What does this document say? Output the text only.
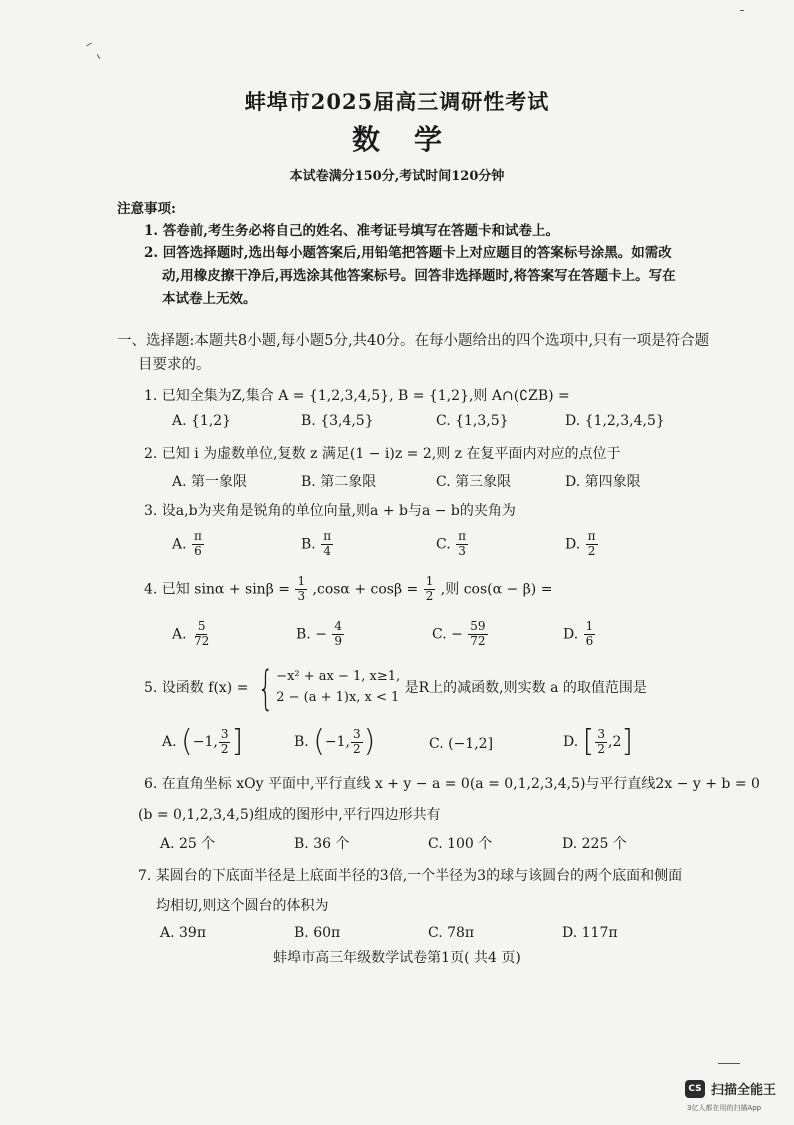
蚌埠市2025届高三调研性考试
数学
本试卷满分150分,考试时间120分钟
注意事项:
1. 答卷前,考生务必将自己的姓名、准考证号填写在答题卡和试卷上。
2. 回答选择题时,选出每小题答案后,用铅笔把答题卡上对应题目的答案标号涂黑。如需改
动,用橡皮擦干净后,再选涂其他答案标号。回答非选择题时,将答案写在答题卡上。写在
本试卷上无效。
一、选择题:本题共8小题,每小题5分,共40分。在每小题给出的四个选项中,只有一项是符合题
目要求的。
1. 已知全集为Z,集合 A = {1,2,3,4,5}, B = {1,2},则 A∩(∁ZB) =
A. {1,2}	B. {3,4,5}	C. {1,3,5}	D. {1,2,3,4,5}
2. 已知 i 为虚数单位,复数 z 满足(1 − i)z = 2,则 z 在复平面内对应的点位于
A. 第一象限	B. 第二象限	C. 第三象限	D. 第四象限
3. 设a,b为夹角是锐角的单位向量,则a + b与a − b的夹角为
A. $\frac{\pi}{6}$	B. $\frac{\pi}{4}$	C. $\frac{\pi}{3}$	D. $\frac{\pi}{2}$
4. 已知 $\sin\alpha + \sin\beta = \frac{1}{3} ,\cos\alpha + \cos\beta = \frac{1}{2}$ ,则 cos(α − β) =
A. $\frac{5}{72}$	B. − $\frac{4}{9}$	C. − $\frac{59}{72}$	D. $\frac{1}{6}$
5. 设函数 f(x) = { −x² + ax − 1, x≥1,
2 − (a + 1)x, x < 1
是R上的减函数,则实数 a 的取值范围是
A. (−1, $\frac{3}{2}$ ]	B. (−1, $\frac{3}{2}$ )	C. (−1,2]	D. [ $\frac{3}{2} ,2$]
6. 在直角坐标 xOy 平面中,平行直线 x + y − a = 0(a = 0,1,2,3,4,5)与平行直线2x − y + b = 0
(b = 0,1,2,3,4,5)组成的图形中,平行四边形共有
A. 25 个	B. 36 个	C. 100 个	D. 225 个
7. 某圆台的下底面半径是上底面半径的3倍,一个半径为3的球与该圆台的两个底面和侧面
均相切,则这个圆台的体积为
A. 39π	B. 60π	C. 78π	D. 117π
蚌埠市高三年级数学试卷第1页( 共4 页)
CS 扫描全能王
3亿人都在用的扫描App
